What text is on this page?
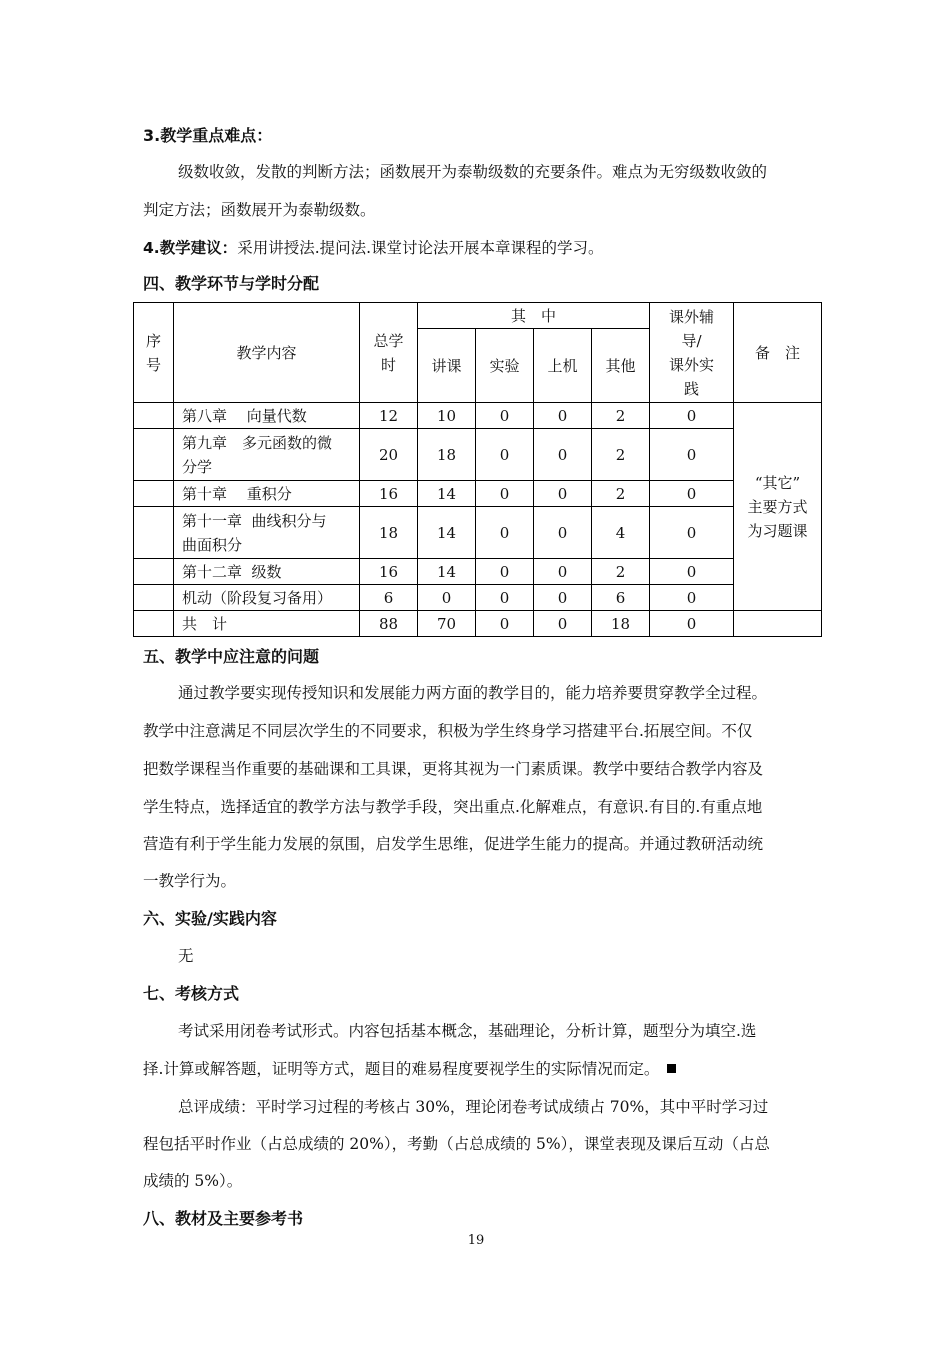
3.教学重点难点：
级数收敛，发散的判断方法；函数展开为泰勒级数的充要条件。难点为无穷级数收敛的
判定方法；函数展开为泰勒级数。
4.教学建议：采用讲授法.提问法.课堂讨论法开展本章课程的学习。
四、教学环节与学时分配
序
号	教学内容	总学
时	其　中				课外辅
导/
课外实
践	备　注
			讲课	实验	上机	其他		
	第八章　 向量代数	12	10	0	0	2	0	“其它”
主要方式
为习题课
	第九章　多元函数的微
分学	20	18	0	0	2	0	
	第十章　 重积分	16	14	0	0	2	0	
	第十一章  曲线积分与
曲面积分	18	14	0	0	4	0	
	第十二章  级数	16	14	0	0	2	0	
	机动（阶段复习备用）	6	0	0	0	6	0	
	共　计	88	70	0	0	18	0	
五、教学中应注意的问题
通过教学要实现传授知识和发展能力两方面的教学目的，能力培养要贯穿教学全过程。
教学中注意满足不同层次学生的不同要求，积极为学生终身学习搭建平台.拓展空间。不仅
把数学课程当作重要的基础课和工具课，更将其视为一门素质课。教学中要结合教学内容及
学生特点，选择适宜的教学方法与教学手段，突出重点.化解难点，有意识.有目的.有重点地
营造有利于学生能力发展的氛围，启发学生思维，促进学生能力的提高。并通过教研活动统
一教学行为。
六、实验/实践内容
无
七、考核方式
考试采用闭卷考试形式。内容包括基本概念，基础理论，分析计算，题型分为填空.选
择.计算或解答题，证明等方式，题目的难易程度要视学生的实际情况而定。
总评成绩：平时学习过程的考核占 30%，理论闭卷考试成绩占 70%，其中平时学习过
程包括平时作业（占总成绩的 20%），考勤（占总成绩的 5%），课堂表现及课后互动（占总
成绩的 5%）。
八、教材及主要参考书
19
